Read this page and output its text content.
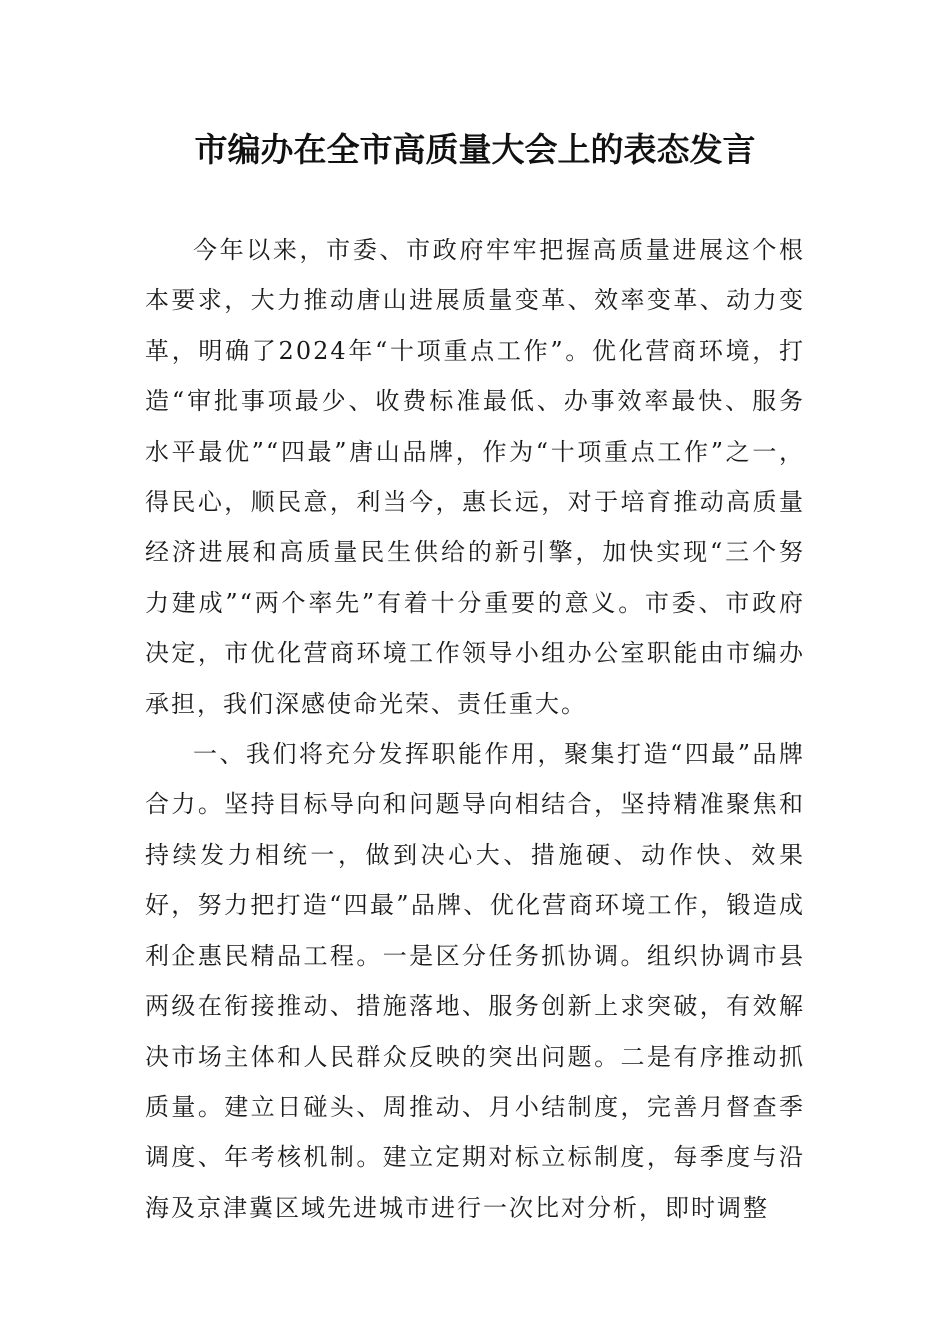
市编办在全市高质量大会上的表态发言

今年以来，市委、市政府牢牢把握高质量进展这个根本要求，大力推动唐山进展质量变革、效率变革、动力变革，明确了2024年“十项重点工作”。优化营商环境，打造“审批事项最少、收费标准最低、办事效率最快、服务水平最优”“四最”唐山品牌，作为“十项重点工作”之一，得民心，顺民意，利当今，惠长远，对于培育推动高质量经济进展和高质量民生供给的新引擎，加快实现“三个努力建成”“两个率先”有着十分重要的意义。市委、市政府决定，市优化营商环境工作领导小组办公室职能由市编办承担，我们深感使命光荣、责任重大。

一、我们将充分发挥职能作用，聚集打造“四最”品牌合力。坚持目标导向和问题导向相结合，坚持精准聚焦和持续发力相统一，做到决心大、措施硬、动作快、效果好，努力把打造“四最”品牌、优化营商环境工作，锻造成利企惠民精品工程。一是区分任务抓协调。组织协调市县两级在衔接推动、措施落地、服务创新上求突破，有效解决市场主体和人民群众反映的突出问题。二是有序推动抓质量。建立日碰头、周推动、月小结制度，完善月督查季调度、年考核机制。建立定期对标立标制度，每季度与沿海及京津冀区域先进城市进行一次比对分析，即时调整
